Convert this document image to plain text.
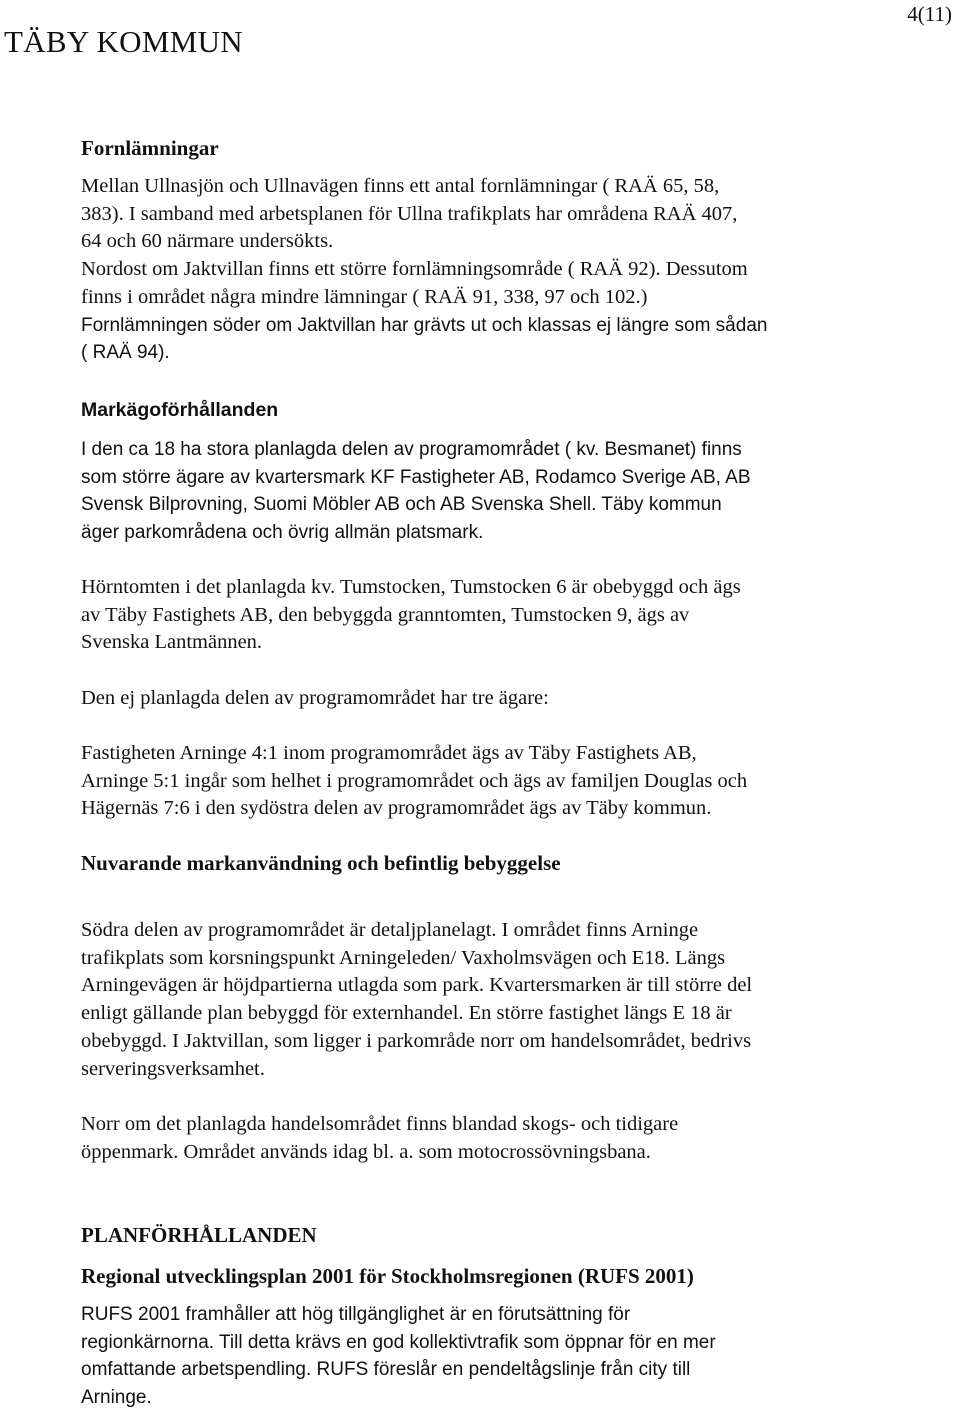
TÄBY KOMMUN
4(11)
Fornlämningar
Mellan Ullnasjön och Ullnavägen finns ett antal fornlämningar ( RAÄ 65, 58,
383). I samband med arbetsplanen för Ullna trafikplats har områdena RAÄ 407,
64 och 60 närmare undersökts.
Nordost om Jaktvillan finns ett större fornlämningsområde ( RAÄ 92). Dessutom
finns i området några mindre lämningar ( RAÄ 91, 338, 97 och 102.)
Fornlämningen söder om Jaktvillan har grävts ut och klassas ej längre som sådan
( RAÄ 94).
Markägoförhållanden
I den ca 18 ha stora planlagda delen av programområdet ( kv. Besmanet) finns
som större ägare av kvartersmark KF Fastigheter AB, Rodamco Sverige AB, AB
Svensk Bilprovning, Suomi Möbler AB och AB Svenska Shell. Täby kommun
äger parkområdena och övrig allmän platsmark.
Hörntomten i det planlagda kv. Tumstocken, Tumstocken 6 är obebyggd och ägs
av Täby Fastighets AB, den bebyggda granntomten, Tumstocken 9, ägs av
Svenska Lantmännen.
Den ej planlagda delen av programområdet har tre ägare:
Fastigheten Arninge 4:1 inom programområdet ägs av Täby Fastighets AB,
Arninge 5:1 ingår som helhet i programområdet och ägs av familjen Douglas och
Hägernäs 7:6 i den sydöstra delen av programområdet ägs av Täby kommun.
Nuvarande markanvändning och befintlig bebyggelse
Södra delen av programområdet är detaljplanelagt. I området finns Arninge
trafikplats som korsningspunkt Arningeleden/ Vaxholmsvägen och E18. Längs
Arningevägen är höjdpartierna utlagda som park. Kvartersmarken är till större del
enligt gällande plan bebyggd för externhandel. En större fastighet längs E 18 är
obebyggd. I Jaktvillan, som ligger i parkområde norr om handelsområdet, bedrivs
serveringsverksamhet.
Norr om det planlagda handelsområdet finns blandad skogs- och tidigare
öppenmark. Området används idag bl. a. som motocrossövningsbana.
PLANFÖRHÅLLANDEN
Regional utvecklingsplan 2001 för Stockholmsregionen (RUFS 2001)
RUFS 2001 framhåller att hög tillgänglighet är en förutsättning för
regionkärnorna. Till detta krävs en god kollektivtrafik som öppnar för en mer
omfattande arbetspendling. RUFS föreslår en pendeltågslinje från city till
Arninge.
